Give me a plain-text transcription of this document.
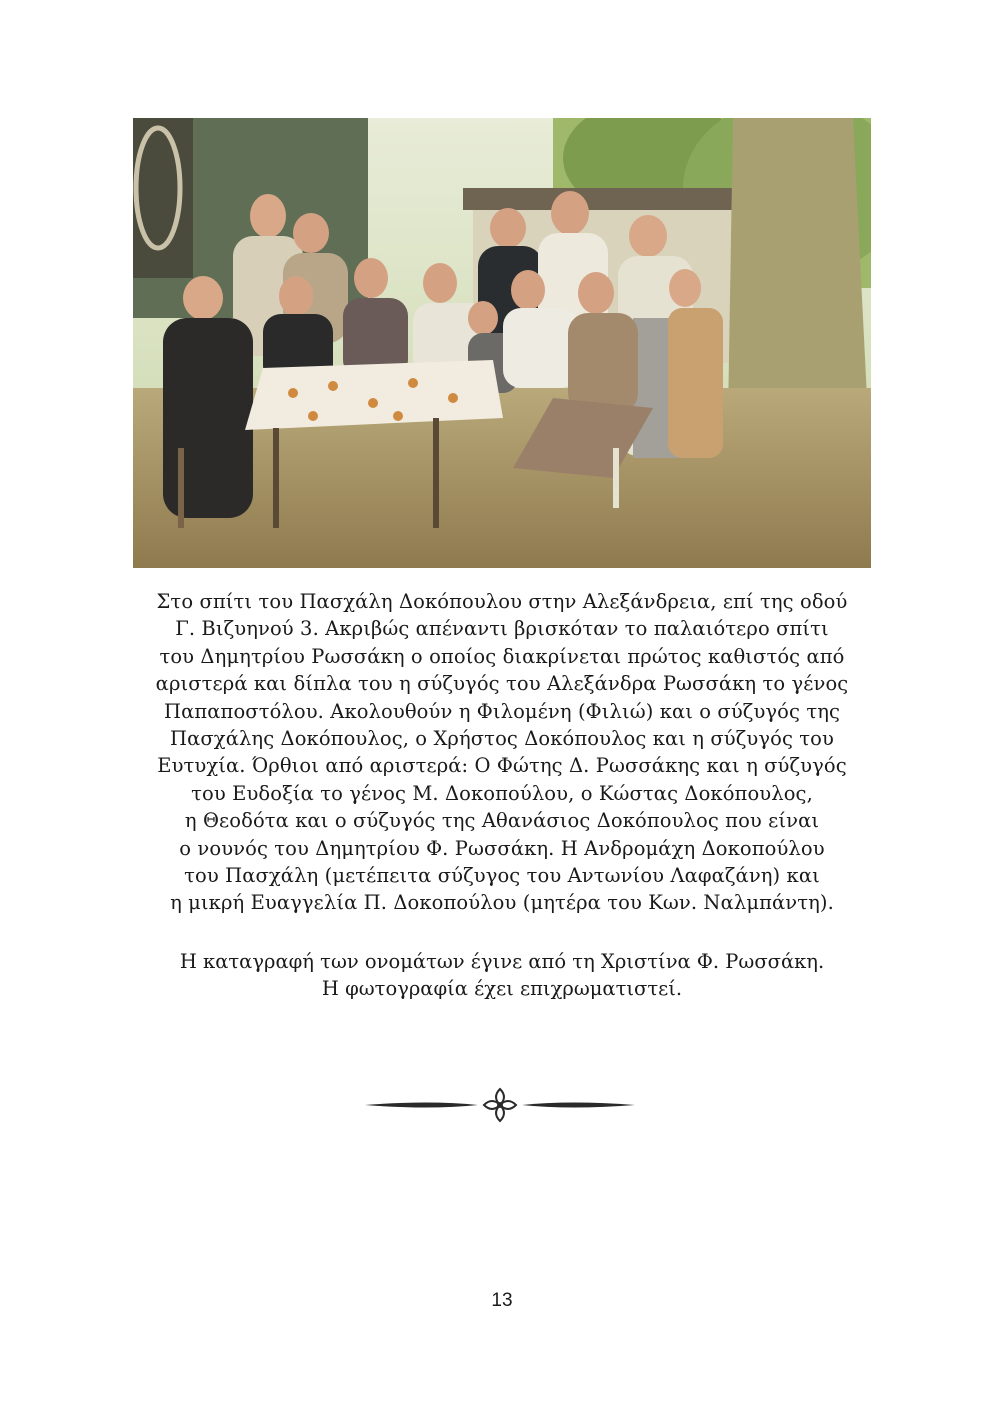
Στο σπίτι του Πασχάλη Δοκόπουλου στην Αλεξάνδρεια, επί της οδού
Γ. Βιζυηνού 3. Ακριβώς απέναντι βρισκόταν το παλαιότερο σπίτι
του Δημητρίου Ρωσσάκη ο οποίος διακρίνεται πρώτος καθιστός από
αριστερά και δίπλα του η σύζυγός του Αλεξάνδρα Ρωσσάκη το γένος
Παπαποστόλου. Ακολουθούν η Φιλομένη (Φιλιώ) και ο σύζυγός της
Πασχάλης Δοκόπουλος, ο Χρήστος Δοκόπουλος και η σύζυγός του
Ευτυχία. Όρθιοι από αριστερά: Ο Φώτης Δ. Ρωσσάκης και η σύζυγός
του Ευδοξία το γένος Μ. Δοκοπούλου, ο Κώστας Δοκόπουλος,
η Θεοδότα και ο σύζυγός της Αθανάσιος Δοκόπουλος που είναι
ο νουνός του Δημητρίου Φ. Ρωσσάκη. Η Ανδρομάχη Δοκοπούλου
του Πασχάλη (μετέπειτα σύζυγος του Αντωνίου Λαφαζάνη) και
η μικρή Ευαγγελία Π. Δοκοπούλου (μητέρα του Κων. Ναλμπάντη).
Η καταγραφή των ονομάτων έγινε από τη Χριστίνα Φ. Ρωσσάκη.
Η φωτογραφία έχει επιχρωματιστεί.
13
